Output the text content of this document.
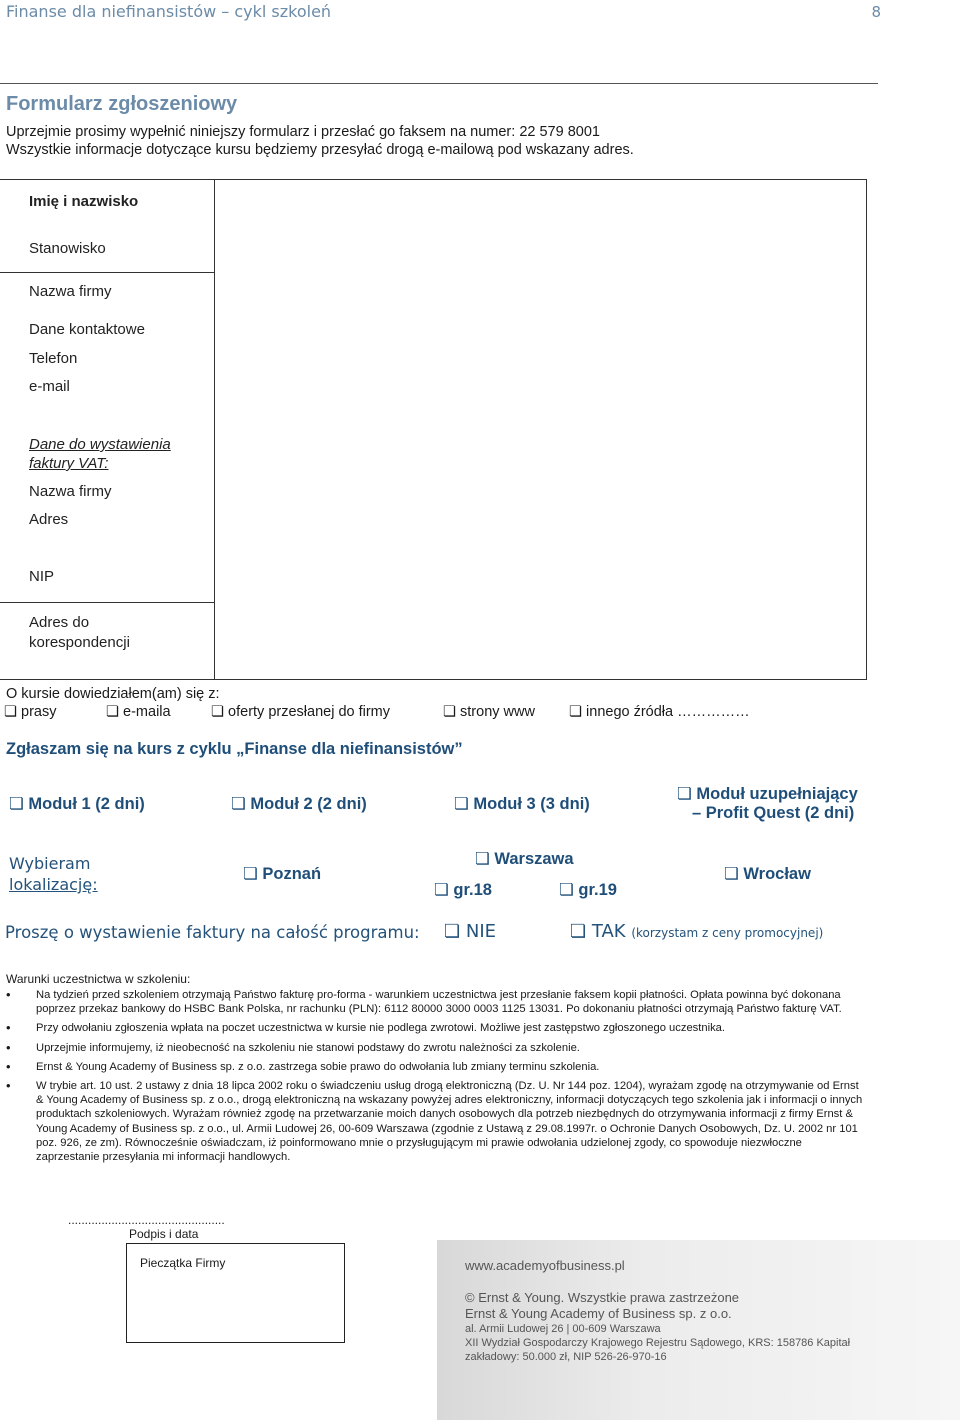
Finanse dla niefinansistów – cykl szkoleń	8
Formularz zgłoszeniowy
Uprzejmie prosimy wypełnić niniejszy formularz i przesłać go faksem na numer: 22 579 8001
Wszystkie informacje dotyczące kursu będziemy przesyłać drogą e-mailową pod wskazany adres.
Imię i nazwisko
Stanowisko
Nazwa firmy
Dane kontaktowe
Telefon
e-mail
Dane do wystawienia
faktury VAT:
Nazwa firmy
Adres
NIP
Adres do
korespondencji
O kursie dowiedziałem(am) się z:
❏ prasy	❏ e-maila	❏ oferty przesłanej do firmy	❏ strony www ❏ innego źródła ……………
Zgłaszam się na kurs z cyklu „Finanse dla niefinansistów”
❏ Moduł 1 (2 dni)	❏ Moduł 2 (2 dni)	❏ Moduł 3 (3 dni)
❏ Moduł uzupełniający
– Profit Quest (2 dni)
Wybieram
lokalizację:
❏ Poznań
❏ Warszawa
❏ gr.18	❏ gr.19
❏ Wrocław
Proszę o wystawienie faktury na całość programu: ❏ NIE	❏ TAK (korzystam z ceny promocyjnej)
Warunki uczestnictwa w szkoleniu:
• Na tydzień przed szkoleniem otrzymają Państwo fakturę pro-forma - warunkiem uczestnictwa jest przesłanie faksem kopii płatności. Opłata powinna być dokonana poprzez przekaz bankowy do HSBC Bank Polska, nr rachunku (PLN): 6112 80000 3000 0003 1125 13031. Po dokonaniu płatności otrzymają Państwo fakturę VAT.
• Przy odwołaniu zgłoszenia wpłata na poczet uczestnictwa w kursie nie podlega zwrotowi. Możliwe jest zastępstwo zgłoszonego uczestnika.
• Uprzejmie informujemy, iż nieobecność na szkoleniu nie stanowi podstawy do zwrotu należności za szkolenie.
• Ernst & Young Academy of Business sp. z o.o. zastrzega sobie prawo do odwołania lub zmiany terminu szkolenia.
• W trybie art. 10 ust. 2 ustawy z dnia 18 lipca 2002 roku o świadczeniu usług drogą elektroniczną (Dz. U. Nr 144 poz. 1204), wyrażam zgodę na otrzymywanie od Ernst & Young Academy of Business sp. z o.o., drogą elektroniczną na wskazany powyżej adres elektroniczny, informacji dotyczących tego szkolenia jak i informacji o innych produktach szkoleniowych. Wyrażam również zgodę na przetwarzanie moich danych osobowych dla potrzeb niezbędnych do otrzymywania informacji z firmy Ernst & Young Academy of Business sp. z o.o., ul. Armii Ludowej 26, 00-609 Warszawa (zgodnie z Ustawą z 29.08.1997r. o Ochronie Danych Osobowych, Dz. U. 2002 nr 101 poz. 926, ze zm). Równocześnie oświadczam, iż poinformowano mnie o przysługującym mi prawie odwołania udzielonej zgody, co spowoduje niezwłoczne zaprzestanie przesyłania mi informacji handlowych.
...............................................
Podpis i data
Pieczątka Firmy	www.academyofbusiness.pl
© Ernst & Young. Wszystkie prawa zastrzeżone
Ernst & Young Academy of Business sp. z o.o.
al. Armii Ludowej 26 | 00-609 Warszawa
XII Wydział Gospodarczy Krajowego Rejestru Sądowego, KRS: 158786 Kapitał
zakładowy: 50.000 zł, NIP 526-26-970-16
